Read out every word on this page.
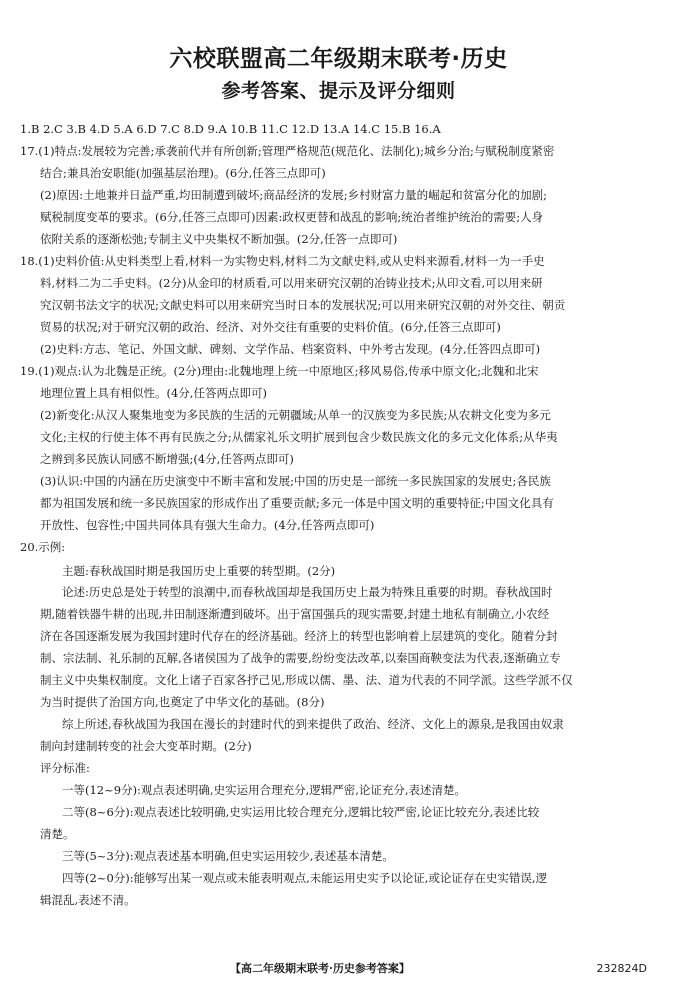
六校联盟高二年级期末联考·历史
参考答案、提示及评分细则
1.B 2.C 3.B 4.D 5.A 6.D 7.C 8.D 9.A 10.B 11.C 12.D 13.A 14.C 15.B 16.A
17.(1)特点:发展较为完善;承袭前代并有所创新;管理严格规范(规范化、法制化);城乡分治;与赋税制度紧密
结合;兼具治安职能(加强基层治理)。(6分,任答三点即可)
(2)原因:土地兼并日益严重,均田制遭到破坏;商品经济的发展;乡村财富力量的崛起和贫富分化的加剧;
赋税制度变革的要求。(6分,任答三点即可)因素:政权更替和战乱的影响;统治者维护统治的需要;人身
依附关系的逐渐松弛;专制主义中央集权不断加强。(2分,任答一点即可)
18.(1)史料价值:从史料类型上看,材料一为实物史料,材料二为文献史料,或从史料来源看,材料一为一手史
料,材料二为二手史料。(2分)从金印的材质看,可以用来研究汉朝的冶铸业技术;从印文看,可以用来研
究汉朝书法文字的状况;文献史料可以用来研究当时日本的发展状况;可以用来研究汉朝的对外交往、朝贡
贸易的状况;对于研究汉朝的政治、经济、对外交往有重要的史料价值。(6分,任答三点即可)
(2)史料:方志、笔记、外国文献、碑刻、文学作品、档案资料、中外考古发现。(4分,任答四点即可)
19.(1)观点:认为北魏是正统。(2分)理由:北魏地理上统一中原地区;移风易俗,传承中原文化;北魏和北宋
地理位置上具有相似性。(4分,任答两点即可)
(2)新变化:从汉人聚集地变为多民族的生活的元朝疆域;从单一的汉族变为多民族;从农耕文化变为多元
文化;主权的行使主体不再有民族之分;从儒家礼乐文明扩展到包含少数民族文化的多元文化体系;从华夷
之辨到多民族认同感不断增强;(4分,任答两点即可)
(3)认识:中国的内涵在历史演变中不断丰富和发展;中国的历史是一部统一多民族国家的发展史;各民族
都为祖国发展和统一多民族国家的形成作出了重要贡献;多元一体是中国文明的重要特征;中国文化具有
开放性、包容性;中国共同体具有强大生命力。(4分,任答两点即可)
20.示例:
主题:春秋战国时期是我国历史上重要的转型期。(2分)
论述:历史总是处于转型的浪潮中,而春秋战国却是我国历史上最为特殊且重要的时期。春秋战国时
期,随着铁器牛耕的出现,井田制逐渐遭到破坏。出于富国强兵的现实需要,封建土地私有制确立,小农经
济在各国逐渐发展为我国封建时代存在的经济基础。经济上的转型也影响着上层建筑的变化。随着分封
制、宗法制、礼乐制的瓦解,各诸侯国为了战争的需要,纷纷变法改革,以秦国商鞅变法为代表,逐渐确立专
制主义中央集权制度。文化上诸子百家各抒己见,形成以儒、墨、法、道为代表的不同学派。这些学派不仅
为当时提供了治国方向,也奠定了中华文化的基础。(8分)
综上所述,春秋战国为我国在漫长的封建时代的到来提供了政治、经济、文化上的源泉,是我国由奴隶
制向封建制转变的社会大变革时期。(2分)
评分标准:
一等(12~9分):观点表述明确,史实运用合理充分,逻辑严密,论证充分,表述清楚。
二等(8~6分):观点表述比较明确,史实运用比较合理充分,逻辑比较严密,论证比较充分,表述比较
清楚。
三等(5~3分):观点表述基本明确,但史实运用较少,表述基本清楚。
四等(2~0分):能够写出某一观点或未能表明观点,未能运用史实予以论证,或论证存在史实错误,逻
辑混乱,表述不清。
【高二年级期末联考·历史参考答案】	232824D
